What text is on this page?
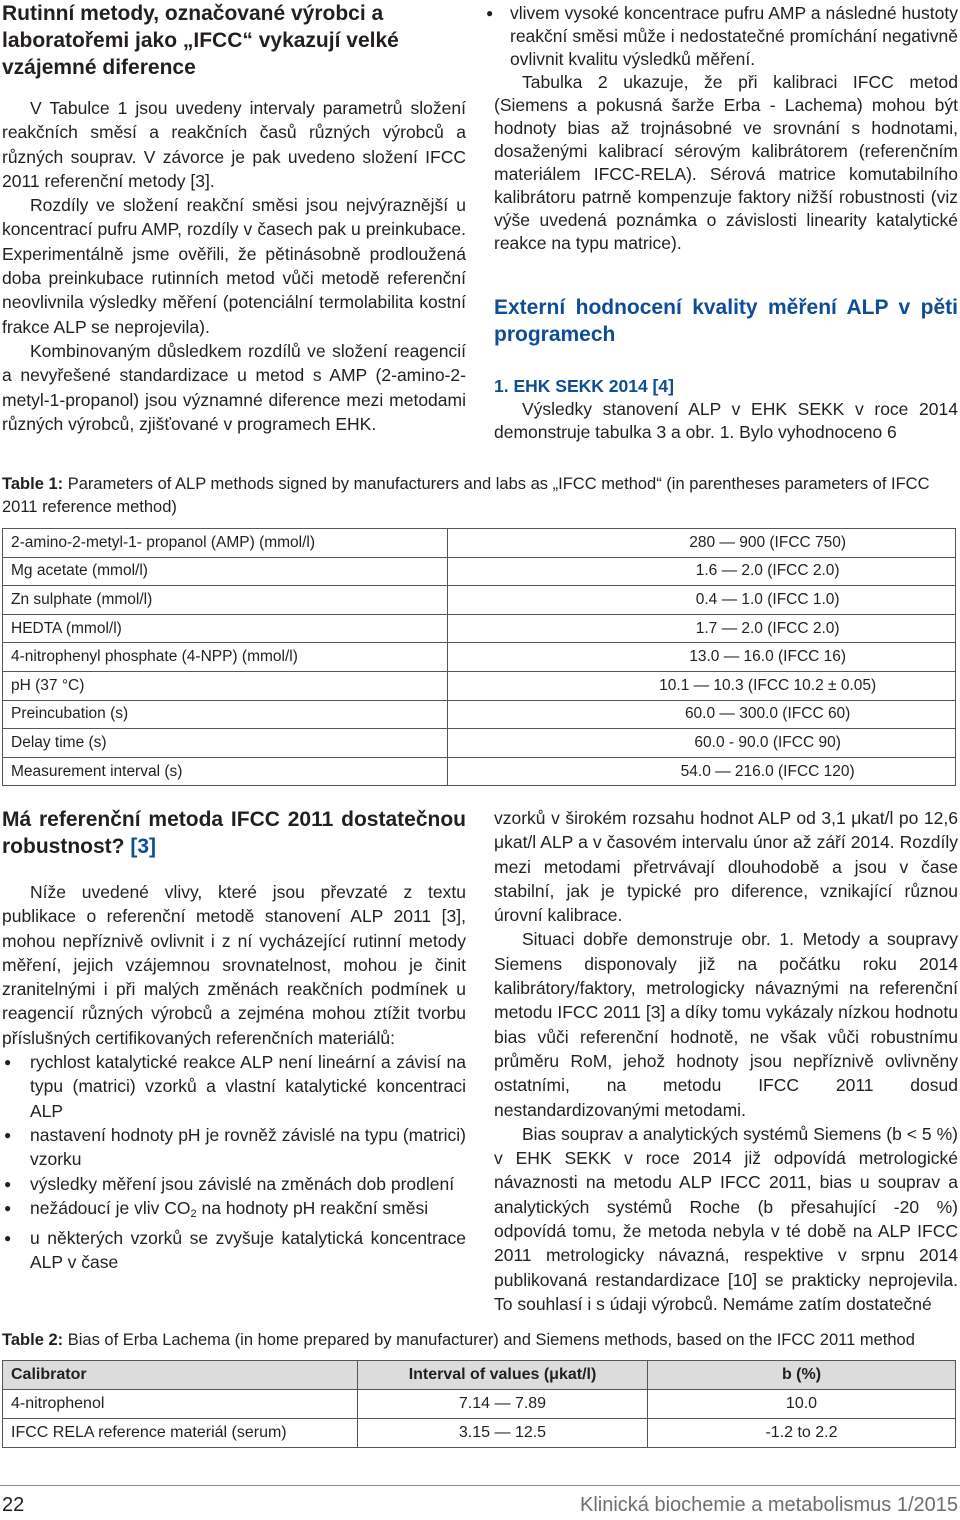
Rutinní metody, označované výrobci a laboratořemi jako „IFCC“ vykazují velké vzájemné diference

V Tabulce 1 jsou uvedeny intervaly parametrů složení reakčních směsí a reakčních časů různých výrobců a různých souprav. V závorce je pak uvedeno složení IFCC 2011 referenční metody [3].

Rozdíly ve složení reakční směsi jsou nejvýraznější u koncentrací pufru AMP, rozdíly v časech pak u preinkubace. Experimentálně jsme ověřili, že pětinásobně prodloužená doba preinkubace rutinních metod vůči metodě referenční neovlivnila výsledky měření (potenciální termolabilita kostní frakce ALP se neprojevila).

Kombinovaným důsledkem rozdílů ve složení reagencií a nevyřešené standardizace u metod s AMP (2-amino-2-metyl-1-propanol) jsou významné diference mezi metodami různých výrobců, zjišťované v programech EHK.

● vlivem vysoké koncentrace pufru AMP a následné hustoty reakční směsi může i nedostatečné promíchání negativně ovlivnit kvalitu výsledků měření.

Tabulka 2 ukazuje, že při kalibraci IFCC metod (Siemens a pokusná šarže Erba - Lachema) mohou být hodnoty bias až trojnásobné ve srovnání s hodnotami, dosaženými kalibrací sérovým kalibrátorem (referenčním materiálem IFCC-RELA). Sérová matrice komutabilního kalibrátoru patrně kompenzuje faktory nižší robustnosti (viz výše uvedená poznámka o závislosti linearity katalytické reakce na typu matrice).

Externí hodnocení kvality měření ALP v pěti programech
1. EHK SEKK 2014 [4]

Výsledky stanovení ALP v EHK SEKK v roce 2014 demonstruje tabulka 3 a obr. 1. Bylo vyhodnoceno 6

Table 1: Parameters of ALP methods signed by manufacturers and labs as „IFCC method“ (in parentheses parameters of IFCC 2011 reference method)
2-amino-2-metyl-1- propanol (AMP) (mmol/l)	280 — 900 (IFCC 750)
Mg acetate (mmol/l)	1.6 — 2.0 (IFCC 2.0)
Zn sulphate (mmol/l)	0.4 — 1.0 (IFCC 1.0)
HEDTA (mmol/l)	1.7 — 2.0 (IFCC 2.0)
4-nitrophenyl phosphate (4-NPP) (mmol/l)	13.0 — 16.0 (IFCC 16)
pH (37 °C)	10.1 — 10.3 (IFCC 10.2 ± 0.05)
Preincubation (s)	60.0 — 300.0 (IFCC 60)
Delay time (s)	60.0 - 90.0 (IFCC 90)
Measurement interval (s)	54.0 — 216.0 (IFCC 120)
Má referenční metoda IFCC 2011 dostatečnou robustnost? [3]

Níže uvedené vlivy, které jsou převzaté z textu publikace o referenční metodě stanovení ALP 2011 [3], mohou nepříznivě ovlivnit i z ní vycházející rutinní metody měření, jejich vzájemnou srovnatelnost, mohou je činit zranitelnými i při malých změnách reakčních podmínek u reagencií různých výrobců a zejména mohou ztížit tvorbu příslušných certifikovaných referenčních materiálů:

● rychlost katalytické reakce ALP není lineární a závisí na typu (matrici) vzorků a vlastní katalytické koncentraci ALP
● nastavení hodnoty pH je rovněž závislé na typu (matrici) vzorku
● výsledky měření jsou závislé na změnách dob prodlení
● nežádoucí je vliv $CO_2$ na hodnoty pH reakční směsi
● u některých vzorků se zvyšuje katalytická koncentrace ALP v čase

vzorků v širokém rozsahu hodnot ALP od 3,1 μkat/l po 12,6 μkat/l ALP a v časovém intervalu únor až září 2014. Rozdíly mezi metodami přetrvávají dlouhodobě a jsou v čase stabilní, jak je typické pro diference, vznikající různou úrovní kalibrace.

Situaci dobře demonstruje obr. 1. Metody a soupravy Siemens disponovaly již na počátku roku 2014 kalibrátory/faktory, metrologicky návaznými na referenční metodu IFCC 2011 [3] a díky tomu vykázaly nízkou hodnotu bias vůči referenční hodnotě, ne však vůči robustnímu průměru RoM, jehož hodnoty jsou nepříznivě ovlivněny ostatními, na metodu IFCC 2011 dosud nestandardizovanými metodami.

Bias souprav a analytických systémů Siemens (b < 5 %) v EHK SEKK v roce 2014 již odpovídá metrologické návaznosti na metodu ALP IFCC 2011, bias u souprav a analytických systémů Roche (b přesahující -20 %) odpovídá tomu, že metoda nebyla v té době na ALP IFCC 2011 metrologicky návazná, respektive v srpnu 2014 publikovaná restandardizace [10] se prakticky neprojevila. To souhlasí i s údaji výrobců. Nemáme zatím dostatečné

Table 2: Bias of Erba Lachema (in home prepared by manufacturer) and Siemens methods, based on the IFCC 2011 method
Calibrator	Interval of values (μkat/l)	b (%)
4-nitrophenol	7.14 — 7.89	10.0
IFCC RELA reference materiál (serum)	3.15 — 12.5	-1.2 to 2.2
22	Klinická biochemie a metabolismus 1/2015
